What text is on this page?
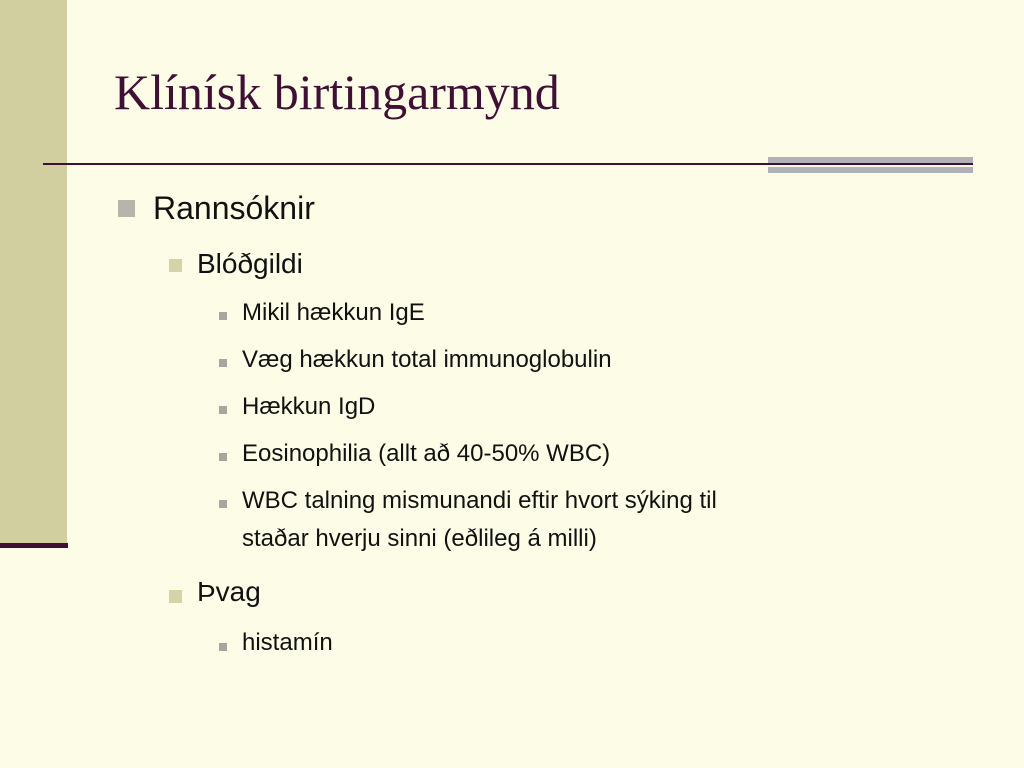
Klínísk birtingarmynd
Rannsóknir
Blóðgildi
Mikil hækkun IgE
Væg hækkun total immunoglobulin
Hækkun IgD
Eosinophilia (allt að 40-50% WBC)
WBC talning mismunandi eftir hvort sýking til
staðar hverju sinni (eðlileg á milli)
Þvag
histamín
